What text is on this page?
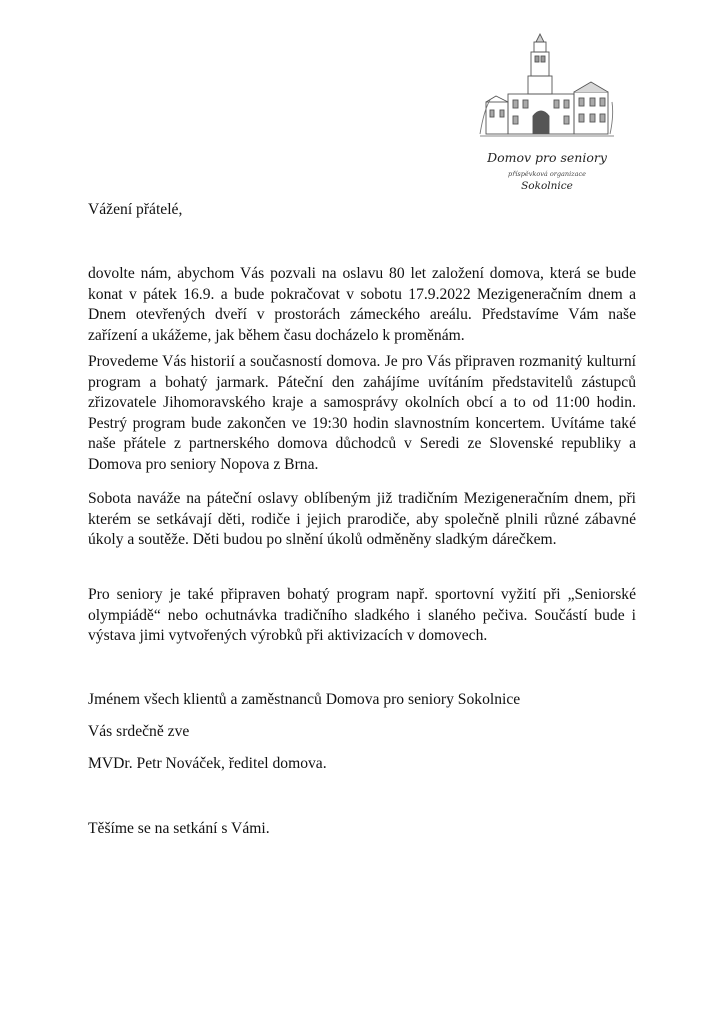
Domov pro seniory
příspěvková organizace
Sokolnice
Vážení přátelé,

dovolte nám, abychom Vás pozvali na oslavu 80 let založení domova, která se bude konat v pátek 16.9. a bude pokračovat v sobotu 17.9.2022 Mezigeneračním dnem a Dnem otevřených dveří v prostorách zámeckého areálu. Představíme Vám naše zařízení a ukážeme, jak během času docházelo k proměnám.

Provedeme Vás historií a současností domova. Je pro Vás připraven rozmanitý kulturní program a bohatý jarmark. Páteční den zahájíme uvítáním představitelů zástupců zřizovatele Jihomoravského kraje a samosprávy okolních obcí a to od 11:00 hodin. Pestrý program bude zakončen ve 19:30 hodin slavnostním koncertem. Uvítáme také naše přátele z partnerského domova důchodců v Seredi ze Slovenské republiky a Domova pro seniory Nopova z Brna.

Sobota naváže na páteční oslavy oblíbeným již tradičním Mezigeneračním dnem, při kterém se setkávají děti, rodiče i jejich prarodiče, aby společně plnili různé zábavné úkoly a soutěže. Děti budou po slnění úkolů odměněny sladkým dárečkem.

Pro seniory je také připraven bohatý program např. sportovní vyžití při „Seniorské olympiádě“ nebo ochutnávka tradičního sladkého i slaného pečiva. Součástí bude i výstava jimi vytvořených výrobků při aktivizacích v domovech.

Jménem všech klientů a zaměstnanců Domova pro seniory Sokolnice
Vás srdečně zve
MVDr. Petr Nováček, ředitel domova.
Těšíme se na setkání s Vámi.
